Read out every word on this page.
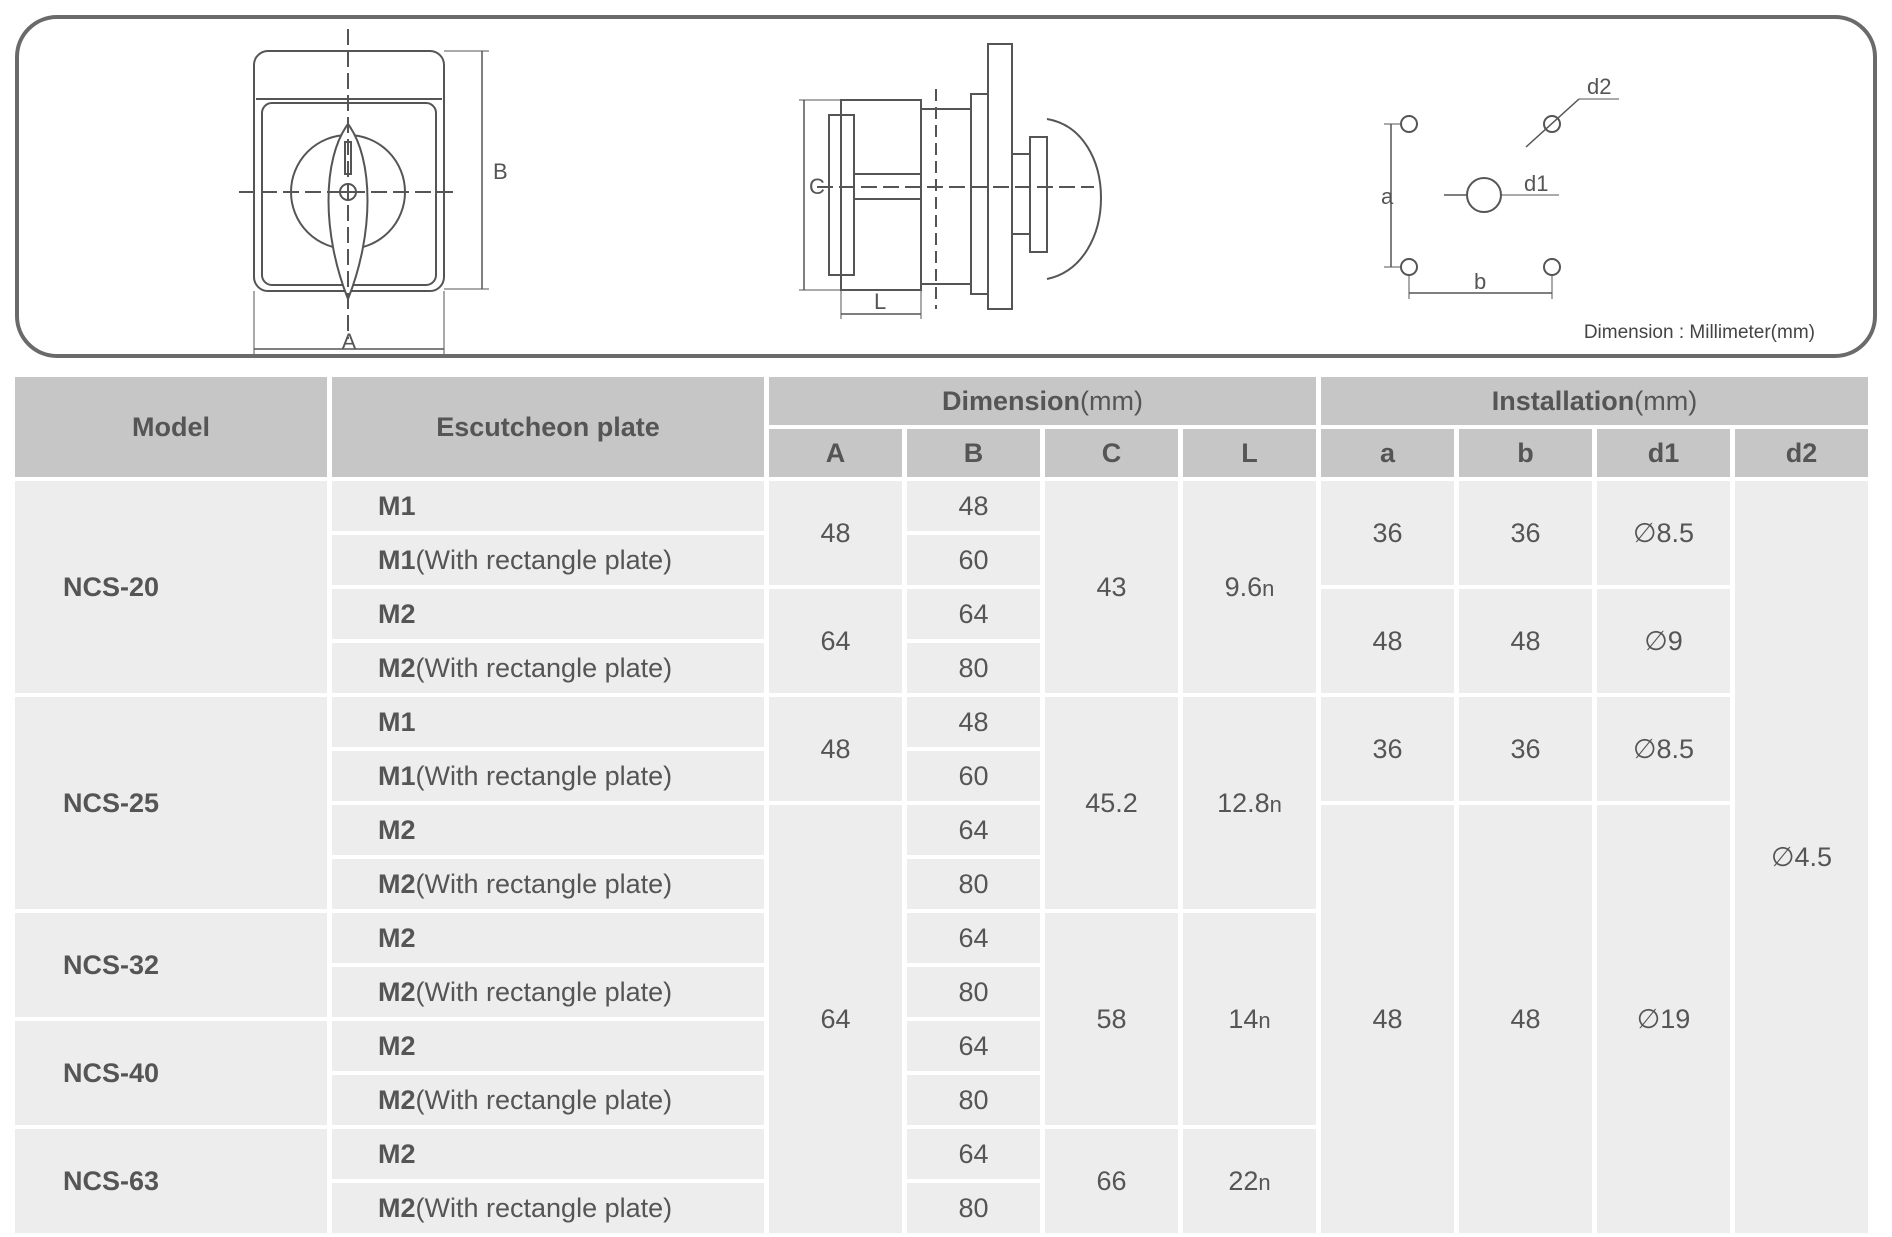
A
B
C
L
a
b
d1
d2
Dimension : Millimeter(mm)
Model	Escutcheon plate	Dimension(mm)				Installation(mm)			
		A	B	C	L	a	b	d1	d2
NCS-20	M1	48	48	43	9.6n	36	36	∅8.5	∅4.5
	M1(With rectangle plate)		60						
	M2	64	64			48	48	∅9	
	M2(With rectangle plate)		80						
NCS-25	M1	48	48	45.2	12.8n	36	36	∅8.5	
	M1(With rectangle plate)		60						
	M2	64	64			48	48	∅19	
	M2(With rectangle plate)		80						
NCS-32	M2		64	58	14n				
	M2(With rectangle plate)		80						
NCS-40	M2		64						
	M2(With rectangle plate)		80						
NCS-63	M2		64	66	22n				
	M2(With rectangle plate)		80						
